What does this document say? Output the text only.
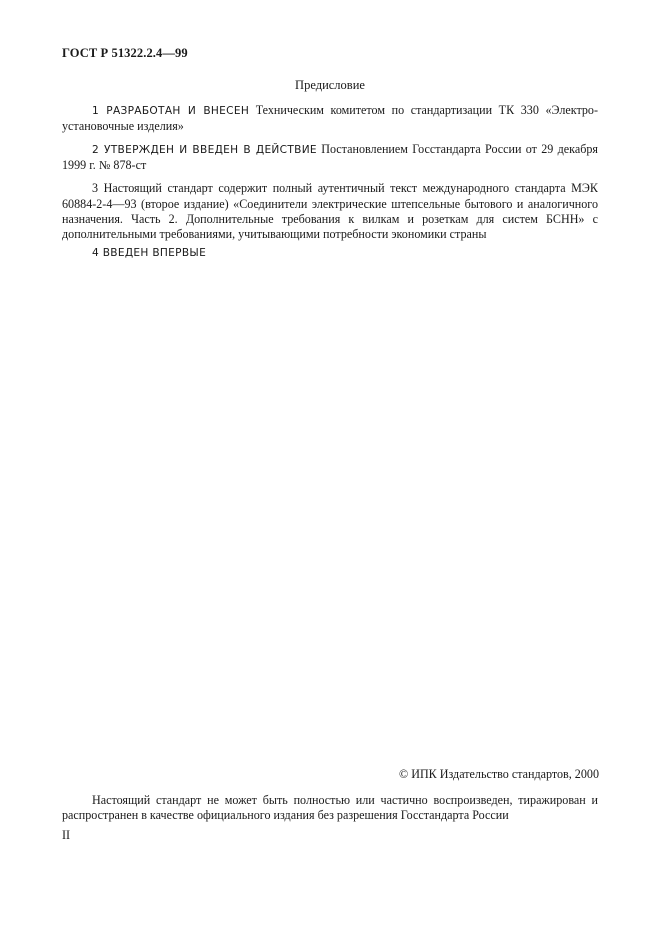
ГОСТ Р 51322.2.4—99
Предисловие

1 РАЗРАБОТАН И ВНЕСЕН Техническим комитетом по стандартизации ТК 330 «Электро-установочные изделия»

2 УТВЕРЖДЕН И ВВЕДЕН В ДЕЙСТВИЕ Постановлением Госстандарта России от 29 декабря 1999 г. № 878-ст

3 Настоящий стандарт содержит полный аутентичный текст международного стандарта МЭК 60884-2-4—93 (второе издание) «Соединители электрические штепсельные бытового и аналогичного назначения. Часть 2. Дополнительные требования к вилкам и розеткам для систем БСНН» с дополнительными требованиями, учитывающими потребности экономики страны

4 ВВЕДЕН ВПЕРВЫЕ

© ИПК Издательство стандартов, 2000

Настоящий стандарт не может быть полностью или частично воспроизведен, тиражирован и распространен в качестве официального издания без разрешения Госстандарта России

II
